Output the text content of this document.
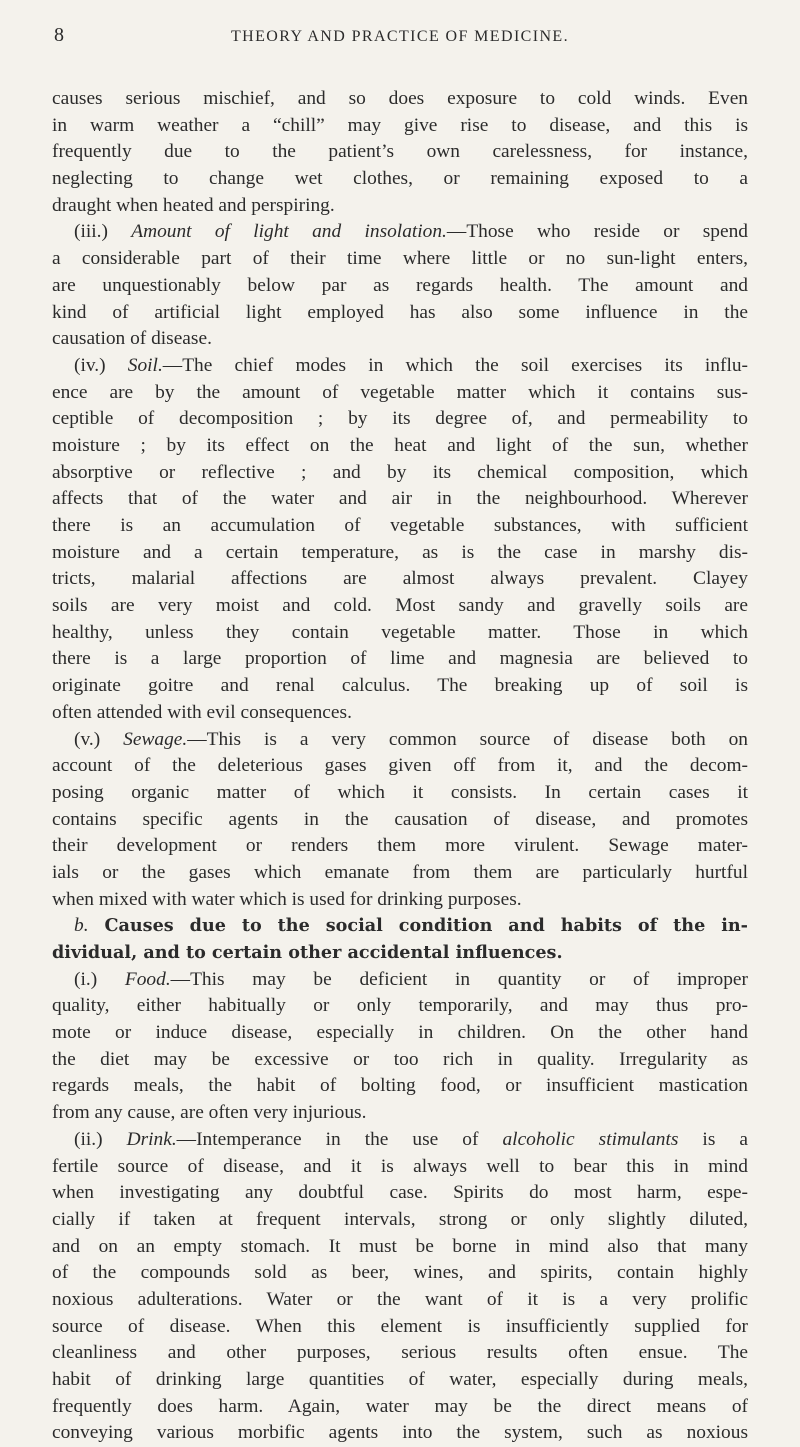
8	THEORY AND PRACTICE OF MEDICINE.
causes serious mischief, and so does exposure to cold winds. Even
in warm weather a “chill” may give rise to disease, and this is
frequently due to the patient’s own carelessness, for instance,
neglecting to change wet clothes, or remaining exposed to a
draught when heated and perspiring.
(iii.) Amount of light and insolation.—Those who reside or spend
a considerable part of their time where little or no sun-light enters,
are unquestionably below par as regards health. The amount and
kind of artificial light employed has also some influence in the
causation of disease.
(iv.) Soil.—The chief modes in which the soil exercises its influ-
ence are by the amount of vegetable matter which it contains sus-
ceptible of decomposition ; by its degree of, and permeability to
moisture ; by its effect on the heat and light of the sun, whether
absorptive or reflective ; and by its chemical composition, which
affects that of the water and air in the neighbourhood. Wherever
there is an accumulation of vegetable substances, with sufficient
moisture and a certain temperature, as is the case in marshy dis-
tricts, malarial affections are almost always prevalent. Clayey
soils are very moist and cold. Most sandy and gravelly soils are
healthy, unless they contain vegetable matter. Those in which
there is a large proportion of lime and magnesia are believed to
originate goitre and renal calculus. The breaking up of soil is
often attended with evil consequences.
(v.) Sewage.—This is a very common source of disease both on
account of the deleterious gases given off from it, and the decom-
posing organic matter of which it consists. In certain cases it
contains specific agents in the causation of disease, and promotes
their development or renders them more virulent. Sewage mater-
ials or the gases which emanate from them are particularly hurtful
when mixed with water which is used for drinking purposes.
b. Causes due to the social condition and habits of the in-
dividual, and to certain other accidental influences.
(i.) Food.—This may be deficient in quantity or of improper
quality, either habitually or only temporarily, and may thus pro-
mote or induce disease, especially in children. On the other hand
the diet may be excessive or too rich in quality. Irregularity as
regards meals, the habit of bolting food, or insufficient mastication
from any cause, are often very injurious.
(ii.) Drink.—Intemperance in the use of alcoholic stimulants is a
fertile source of disease, and it is always well to bear this in mind
when investigating any doubtful case. Spirits do most harm, espe-
cially if taken at frequent intervals, strong or only slightly diluted,
and on an empty stomach. It must be borne in mind also that many
of the compounds sold as beer, wines, and spirits, contain highly
noxious adulterations. Water or the want of it is a very prolific
source of disease. When this element is insufficiently supplied for
cleanliness and other purposes, serious results often ensue. The
habit of drinking large quantities of water, especially during meals,
frequently does harm. Again, water may be the direct means of
conveying various morbific agents into the system, such as noxious
